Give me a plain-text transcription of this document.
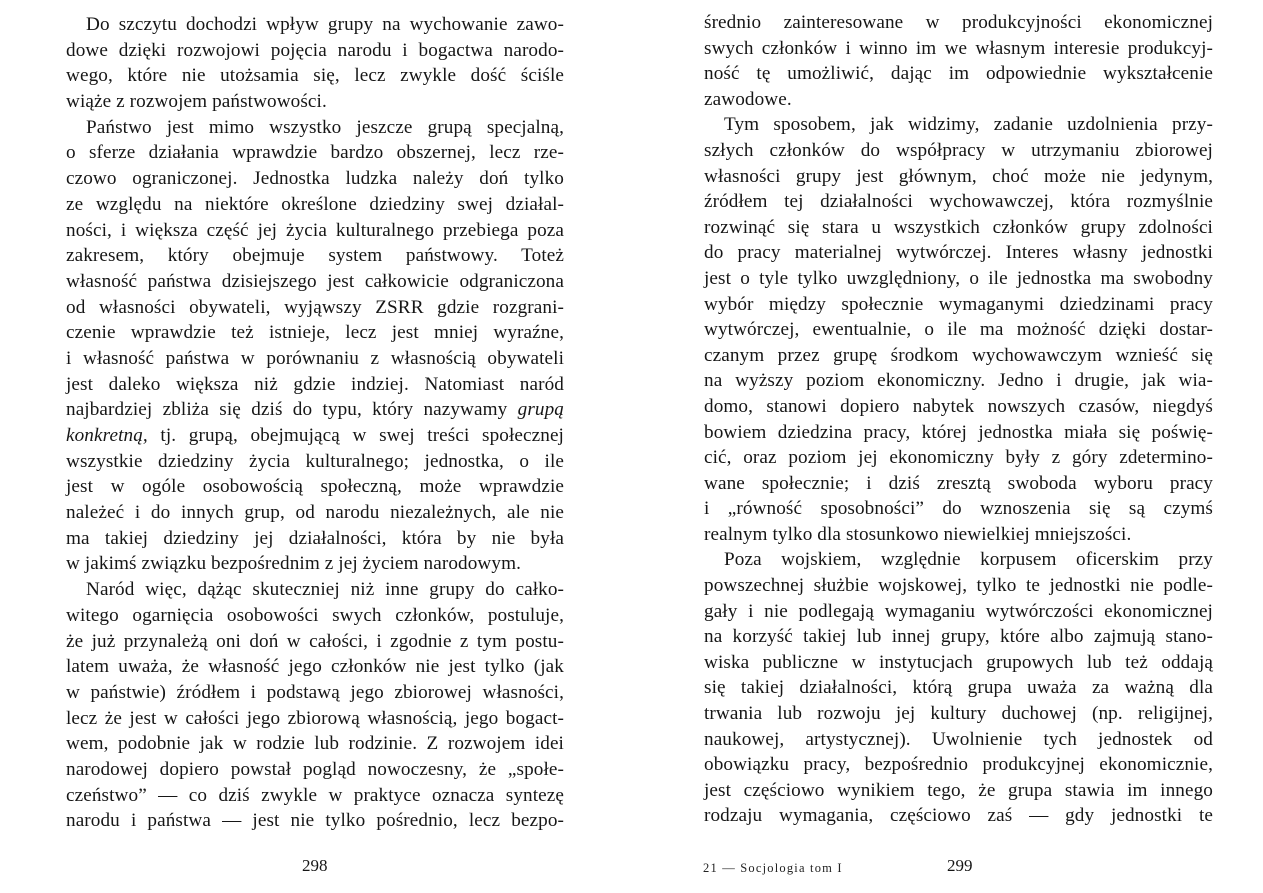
Do szczytu dochodzi wpływ grupy na wychowanie zawo-
dowe dzięki rozwojowi pojęcia narodu i bogactwa narodo-
wego, które nie utożsamia się, lecz zwykle dość ściśle
wiąże z rozwojem państwowości.
Państwo jest mimo wszystko jeszcze grupą specjalną,
o sferze działania wprawdzie bardzo obszernej, lecz rze-
czowo ograniczonej. Jednostka ludzka należy doń tylko
ze względu na niektóre określone dziedziny swej działal-
ności, i większa część jej życia kulturalnego przebiega poza
zakresem, który obejmuje system państwowy. Toteż
własność państwa dzisiejszego jest całkowicie odgraniczona
od własności obywateli, wyjąwszy ZSRR gdzie rozgrani-
czenie wprawdzie też istnieje, lecz jest mniej wyraźne,
i własność państwa w porównaniu z własnością obywateli
jest daleko większa niż gdzie indziej. Natomiast naród
najbardziej zbliża się dziś do typu, który nazywamy grupą
konkretną, tj. grupą, obejmującą w swej treści społecznej
wszystkie dziedziny życia kulturalnego; jednostka, o ile
jest w ogóle osobowością społeczną, może wprawdzie
należeć i do innych grup, od narodu niezależnych, ale nie
ma takiej dziedziny jej działalności, która by nie była
w jakimś związku bezpośrednim z jej życiem narodowym.
Naród więc, dążąc skuteczniej niż inne grupy do całko-
witego ogarnięcia osobowości swych członków, postuluje,
że już przynależą oni doń w całości, i zgodnie z tym postu-
latem uważa, że własność jego członków nie jest tylko (jak
w państwie) źródłem i podstawą jego zbiorowej własności,
lecz że jest w całości jego zbiorową własnością, jego bogact-
wem, podobnie jak w rodzie lub rodzinie. Z rozwojem idei
narodowej dopiero powstał pogląd nowoczesny, że „społe-
czeństwo” — co dziś zwykle w praktyce oznacza syntezę
narodu i państwa — jest nie tylko pośrednio, lecz bezpo-
298
średnio zainteresowane w produkcyjności ekonomicznej
swych członków i winno im we własnym interesie produkcyj-
ność tę umożliwić, dając im odpowiednie wykształcenie
zawodowe.
Tym sposobem, jak widzimy, zadanie uzdolnienia przy-
szłych członków do współpracy w utrzymaniu zbiorowej
własności grupy jest głównym, choć może nie jedynym,
źródłem tej działalności wychowawczej, która rozmyślnie
rozwinąć się stara u wszystkich członków grupy zdolności
do pracy materialnej wytwórczej. Interes własny jednostki
jest o tyle tylko uwzględniony, o ile jednostka ma swobodny
wybór między społecznie wymaganymi dziedzinami pracy
wytwórczej, ewentualnie, o ile ma możność dzięki dostar-
czanym przez grupę środkom wychowawczym wznieść się
na wyższy poziom ekonomiczny. Jedno i drugie, jak wia-
domo, stanowi dopiero nabytek nowszych czasów, niegdyś
bowiem dziedzina pracy, której jednostka miała się poświę-
cić, oraz poziom jej ekonomiczny były z góry zdetermino-
wane społecznie; i dziś zresztą swoboda wyboru pracy
i „równość sposobności” do wznoszenia się są czymś
realnym tylko dla stosunkowo niewielkiej mniejszości.
Poza wojskiem, względnie korpusem oficerskim przy
powszechnej służbie wojskowej, tylko te jednostki nie podle-
gały i nie podlegają wymaganiu wytwórczości ekonomicznej
na korzyść takiej lub innej grupy, które albo zajmują stano-
wiska publiczne w instytucjach grupowych lub też oddają
się takiej działalności, którą grupa uważa za ważną dla
trwania lub rozwoju jej kultury duchowej (np. religijnej,
naukowej, artystycznej). Uwolnienie tych jednostek od
obowiązku pracy, bezpośrednio produkcyjnej ekonomicznie,
jest częściowo wynikiem tego, że grupa stawia im innego
rodzaju wymagania, częściowo zaś — gdy jednostki te
21 — Socjologia tom I	299
